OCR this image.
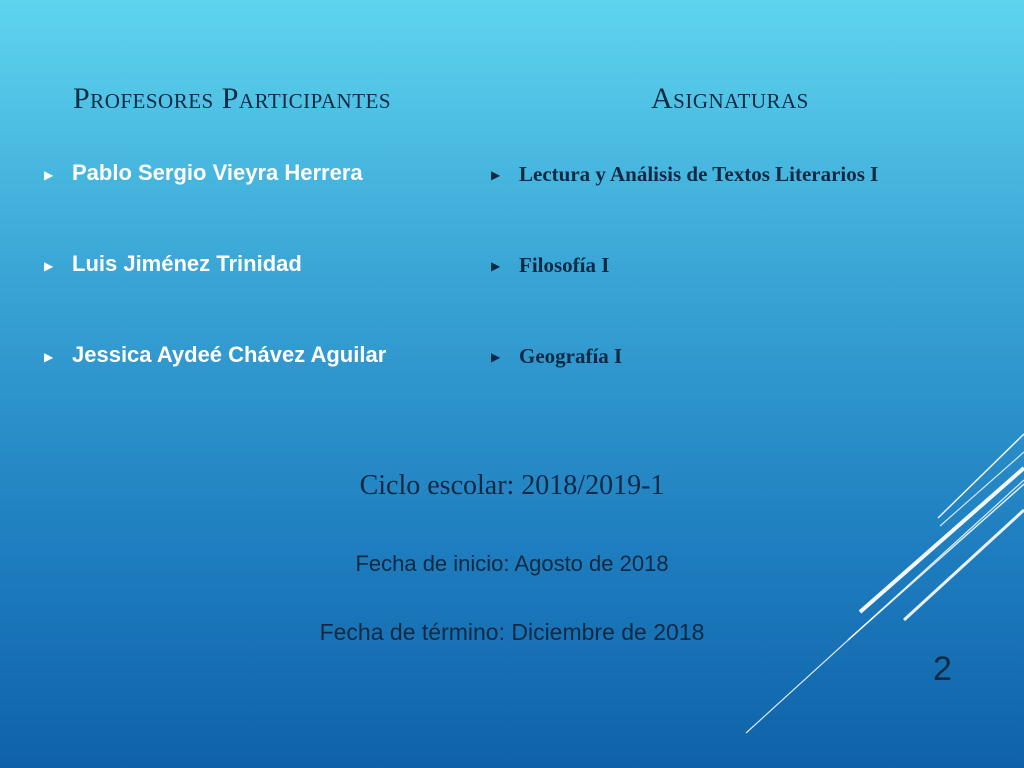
Profesores Participantes	Asignaturas
▶ Pablo Sergio Vieyra Herrera
▶ Luis Jiménez Trinidad
▶ Jessica Aydeé Chávez Aguilar
▶ Lectura y Análisis de Textos Literarios I
▶ Filosofía I
▶ Geografía I
Ciclo escolar: 2018/2019-1
Fecha de inicio: Agosto de 2018
Fecha de término: Diciembre de 2018
2
